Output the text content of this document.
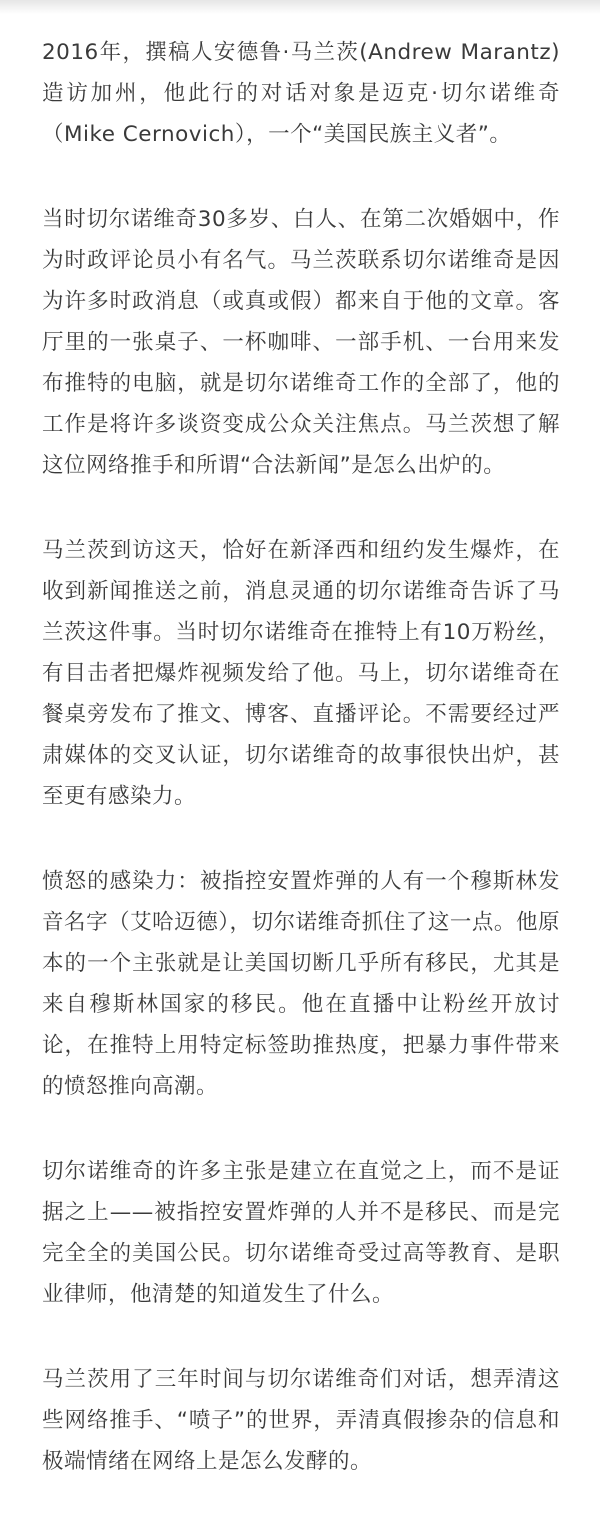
2016年，撰稿人安德鲁·马兰茨(Andrew Marantz)造访加州，他此行的对话对象是迈克·切尔诺维奇（Mike Cernovich），一个“美国民族主义者”。

当时切尔诺维奇30多岁、白人、在第二次婚姻中，作为时政评论员小有名气。马兰茨联系切尔诺维奇是因为许多时政消息（或真或假）都来自于他的文章。客厅里的一张桌子、一杯咖啡、一部手机、一台用来发布推特的电脑，就是切尔诺维奇工作的全部了，他的工作是将许多谈资变成公众关注焦点。马兰茨想了解这位网络推手和所谓“合法新闻”是怎么出炉的。

马兰茨到访这天，恰好在新泽西和纽约发生爆炸，在收到新闻推送之前，消息灵通的切尔诺维奇告诉了马兰茨这件事。当时切尔诺维奇在推特上有10万粉丝，有目击者把爆炸视频发给了他。马上，切尔诺维奇在餐桌旁发布了推文、博客、直播评论。不需要经过严肃媒体的交叉认证，切尔诺维奇的故事很快出炉，甚至更有感染力。

愤怒的感染力：被指控安置炸弹的人有一个穆斯林发音名字（艾哈迈德），切尔诺维奇抓住了这一点。他原本的一个主张就是让美国切断几乎所有移民，尤其是来自穆斯林国家的移民。他在直播中让粉丝开放讨论，在推特上用特定标签助推热度，把暴力事件带来的愤怒推向高潮。

切尔诺维奇的许多主张是建立在直觉之上，而不是证据之上——被指控安置炸弹的人并不是移民、而是完完全全的美国公民。切尔诺维奇受过高等教育、是职业律师，他清楚的知道发生了什么。

马兰茨用了三年时间与切尔诺维奇们对话，想弄清这些网络推手、“喷子”的世界，弄清真假掺杂的信息和极端情绪在网络上是怎么发酵的。
